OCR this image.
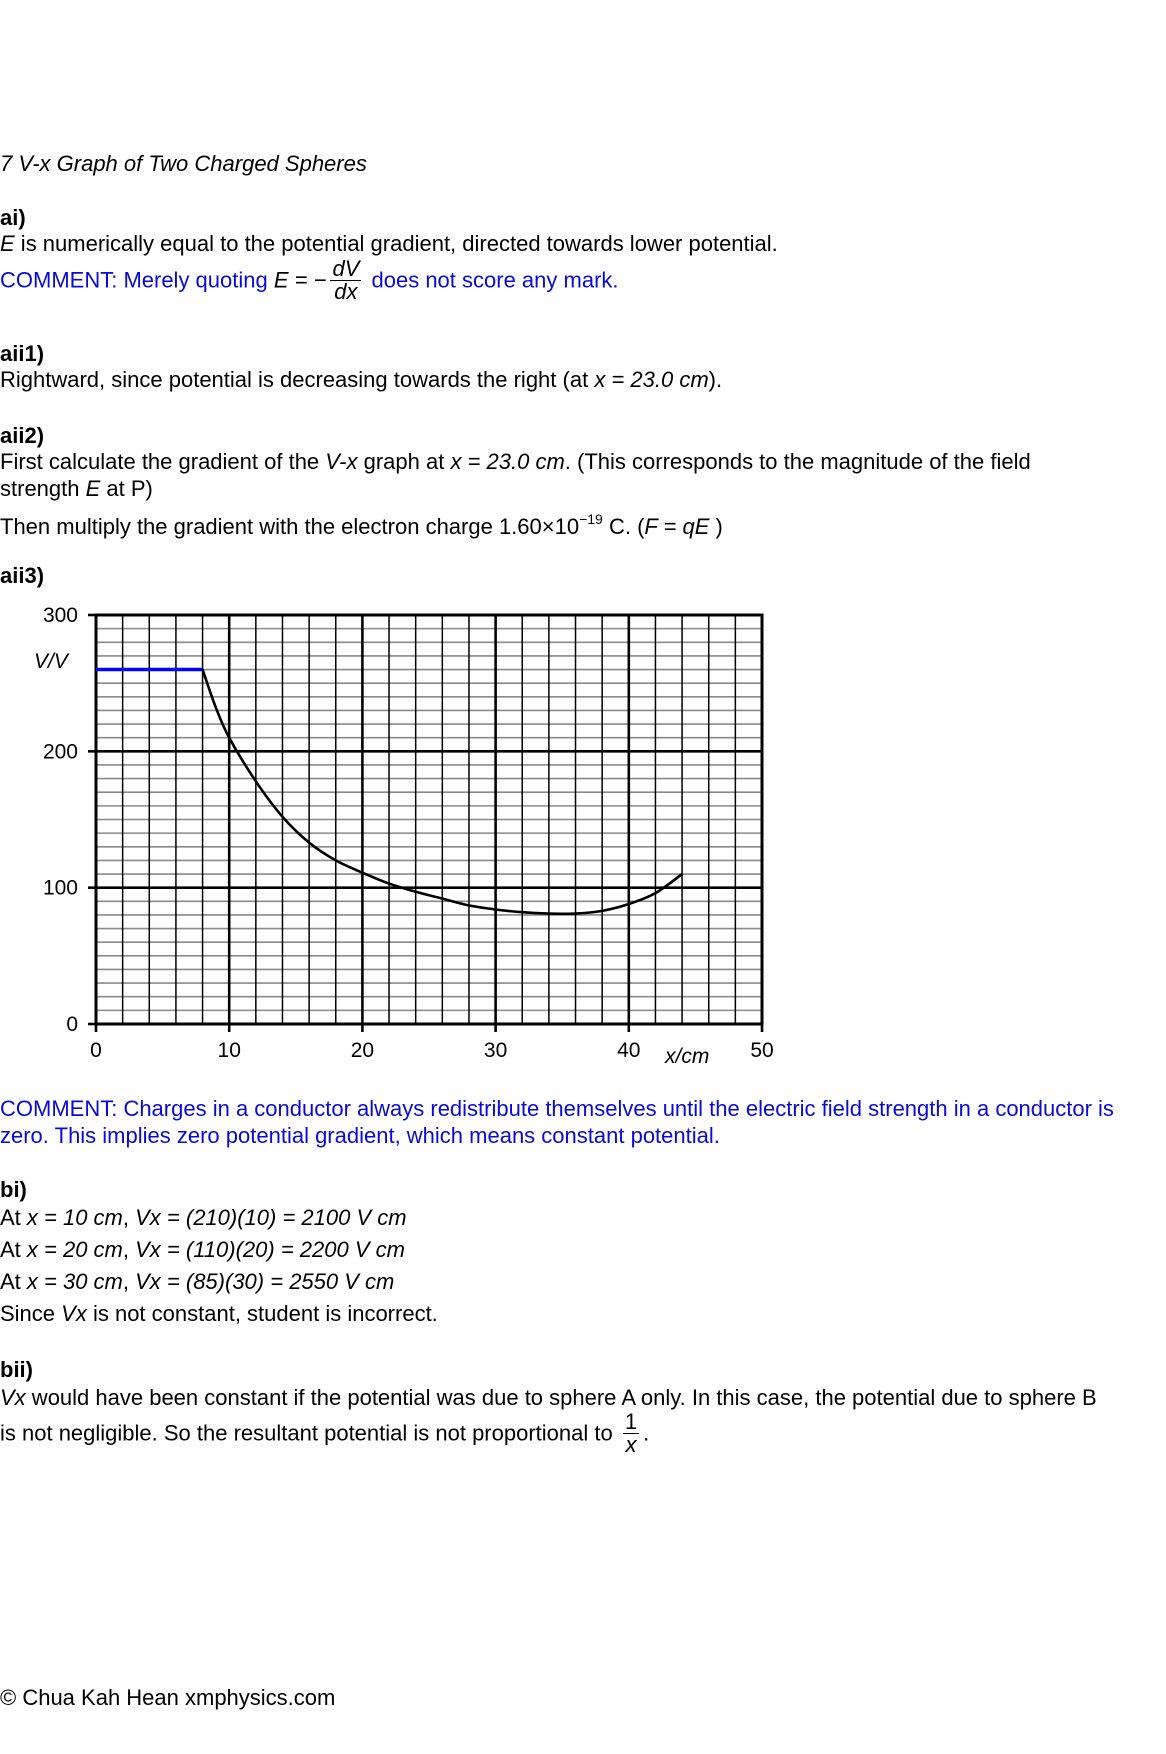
7 V-x Graph of Two Charged Spheres
ai)
E is numerically equal to the potential gradient, directed towards lower potential.
COMMENT: Merely quoting E = − $\frac{dV}{dx}$ does not score any mark.
aii1)
Rightward, since potential is decreasing towards the right (at x = 23.0 cm).
aii2)
First calculate the gradient of the V-x graph at x = 23.0 cm. (This corresponds to the magnitude of the field
strength E at P)
Then multiply the gradient with the electron charge $1.60\times 10^{-19}$ C. (F = qE )
aii3)
0
100
200
300
0	10	20	30	40	50
V/V
x/cm
COMMENT: Charges in a conductor always redistribute themselves until the electric field strength in a conductor is
zero. This implies zero potential gradient, which means constant potential.
bi)
At x = 10 cm, Vx = (210)(10) = 2100 V cm
At x = 20 cm, Vx = (110)(20) = 2200 V cm
At x = 30 cm, Vx = (85)(30) = 2550 V cm
Since Vx is not constant, student is incorrect.
bii)
Vx would have been constant if the potential was due to sphere A only. In this case, the potential due to sphere B
is not negligible. So the resultant potential is not proportional to $\frac{1}{x}$ .
© Chua Kah Hean xmphysics.com
